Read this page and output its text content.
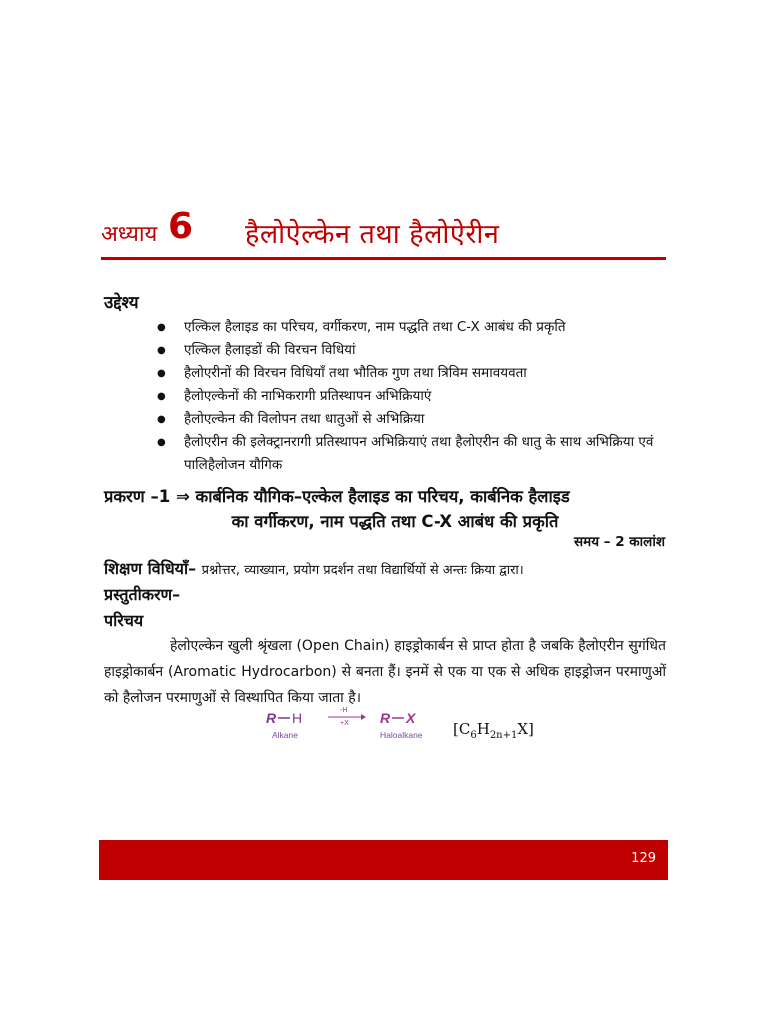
अध्याय 6 हैलोऐल्केन तथा हैलोऐरीन
उद्देश्य
● एल्किल हैलाइड का परिचय, वर्गीकरण, नाम पद्धति तथा C-X आबंध की प्रकृति
● एल्किल हैलाइडों की विरचन विधियां
● हैलोएरीनों की विरचन विधियाँ तथा भौतिक गुण तथा त्रिविम समावयवता
● हैलोएल्केनों की नाभिकरागी प्रतिस्थापन अभिक्रियाएं
● हैलोएल्केन की विलोपन तथा धातुओं से अभिक्रिया
● हैलोएरीन की इलेक्ट्रानरागी प्रतिस्थापन अभिक्रियाएं तथा हैलोएरीन की धातु के साथ अभिक्रिया एवं पालिहैलोजन यौगिक
प्रकरण –1 ⇒ कार्बनिक यौगिक–एल्केल हैलाइड का परिचय, कार्बनिक हैलाइड
का वर्गीकरण, नाम पद्धति तथा C-X आबंध की प्रकृति
समय – 2 कालांश
शिक्षण विधियाँ– प्रश्नोत्तर, व्याख्यान, प्रयोग प्रदर्शन तथा विद्यार्थियों से अन्तः क्रिया द्वारा।
प्रस्तुतीकरण–
परिचय
हेलोएल्केन खुली श्रृंखला (Open Chain) हाइड्रोकार्बन से प्राप्त होता है जबकि हैलोएरीन सुगंधित हाइड्रोकार्बन (Aromatic Hydrocarbon) से बनता हैं। इनमें से एक या एक से अधिक हाइड्रोजन परमाणुओं को हैलोजन परमाणुओं से विस्थापित किया जाता है।
R H	-H
+X R X
Alkane	Haloalkane $[C_6H_{2n+1}X]$
129
